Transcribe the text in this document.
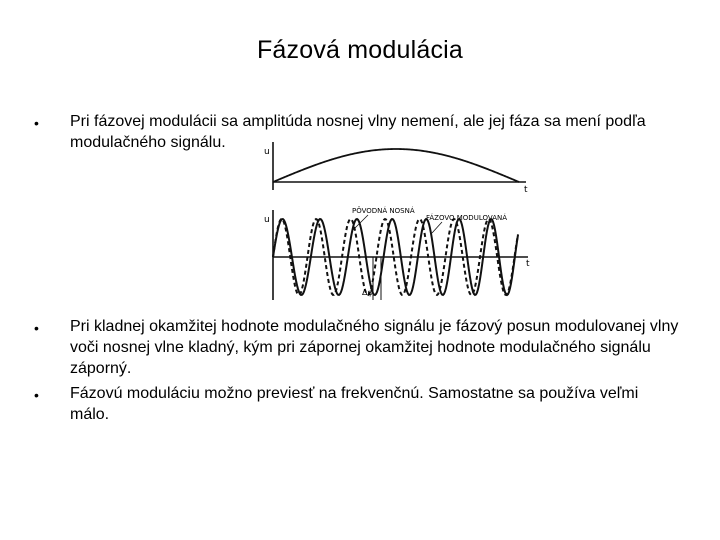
Fázová modulácia
• Pri fázovej modulácii sa amplitúda nosnej vlny nemení, ale jej fáza sa mení podľa modulačného signálu.
• Pri kladnej okamžitej hodnote modulačného signálu je fázový posun modulovanej vlny voči nosnej vlne kladný, kým pri zápornej okamžitej hodnote modulačného signálu záporný.
• Fázovú moduláciu možno previesť na frekvenčnú. Samostatne sa používa veľmi málo.
u
t
u
t
PÔVODNÁ NOSNÁ
FÁZOVO MODULOVANÁ
Δφ
